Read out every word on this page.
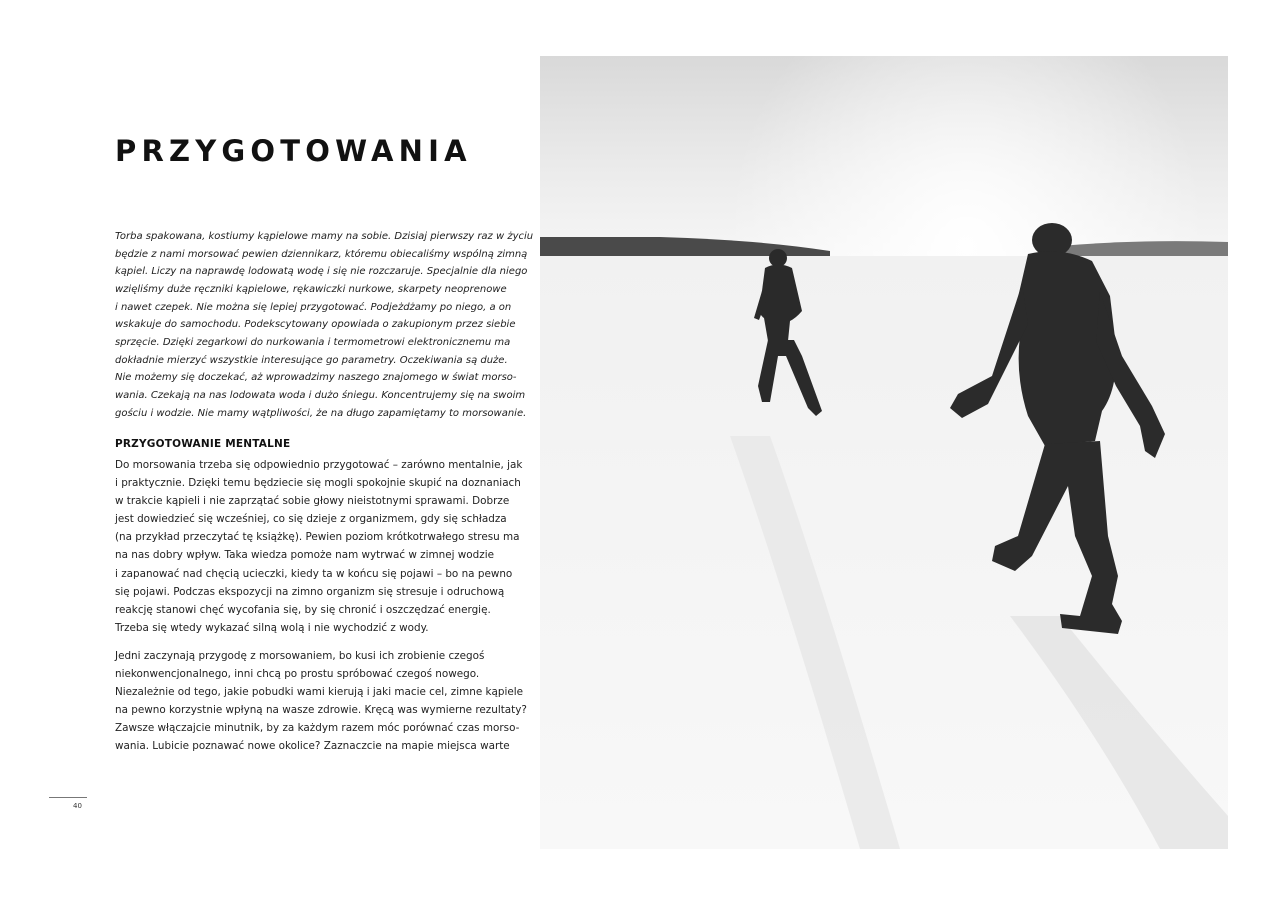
PRZYGOTOWANIA

Torba spakowana, kostiumy kąpielowe mamy na sobie. Dzisiaj pierwszy raz w życiu
będzie z nami morsować pewien dziennikarz, któremu obiecaliśmy wspólną zimną
kąpiel. Liczy na naprawdę lodowatą wodę i się nie rozczaruje. Specjalnie dla niego
wzięliśmy duże ręczniki kąpielowe, rękawiczki nurkowe, skarpety neoprenowe
i nawet czepek. Nie można się lepiej przygotować. Podjeżdżamy po niego, a on
wskakuje do samochodu. Podekscytowany opowiada o zakupionym przez siebie
sprzęcie. Dzięki zegarkowi do nurkowania i termometrowi elektronicznemu ma
dokładnie mierzyć wszystkie interesujące go parametry. Oczekiwania są duże.
Nie możemy się doczekać, aż wprowadzimy naszego znajomego w świat morso-
wania. Czekają na nas lodowata woda i dużo śniegu. Koncentrujemy się na swoim
gościu i wodzie. Nie mamy wątpliwości, że na długo zapamiętamy to morsowanie.

PRZYGOTOWANIE MENTALNE

Do morsowania trzeba się odpowiednio przygotować – zarówno mentalnie, jak
i praktycznie. Dzięki temu będziecie się mogli spokojnie skupić na doznaniach
w trakcie kąpieli i nie zaprzątać sobie głowy nieistotnymi sprawami. Dobrze
jest dowiedzieć się wcześniej, co się dzieje z organizmem, gdy się schładza
(na przykład przeczytać tę książkę). Pewien poziom krótkotrwałego stresu ma
na nas dobry wpływ. Taka wiedza pomoże nam wytrwać w zimnej wodzie
i zapanować nad chęcią ucieczki, kiedy ta w końcu się pojawi – bo na pewno
się pojawi. Podczas ekspozycji na zimno organizm się stresuje i odruchową
reakcję stanowi chęć wycofania się, by się chronić i oszczędzać energię.
Trzeba się wtedy wykazać silną wolą i nie wychodzić z wody.

Jedni zaczynają przygodę z morsowaniem, bo kusi ich zrobienie czegoś
niekonwencjonalnego, inni chcą po prostu spróbować czegoś nowego.
Niezależnie od tego, jakie pobudki wami kierują i jaki macie cel, zimne kąpiele
na pewno korzystnie wpłyną na wasze zdrowie. Kręcą was wymierne rezultaty?
Zawsze włączajcie minutnik, by za każdym razem móc porównać czas morso-
wania. Lubicie poznawać nowe okolice? Zaznaczcie na mapie miejsca warte

40
